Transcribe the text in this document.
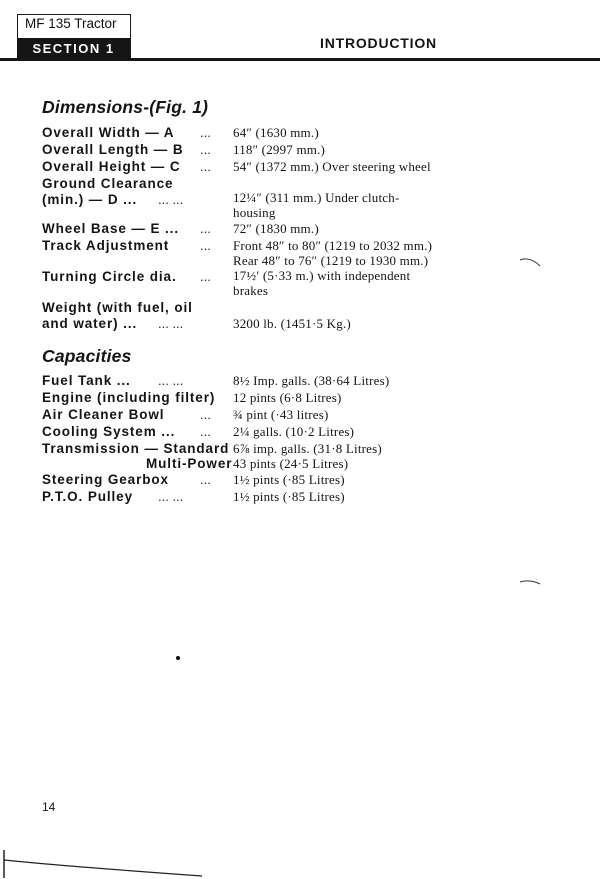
MF 135 Tractor
SECTION 1	INTRODUCTION
Dimensions-(Fig. 1)
Overall Width — A ... 64″ (1630 mm.)
Overall Length — B ... 118″ (2997 mm.)
Overall Height — C ... 54″ (1372 mm.) Over steering wheel
Ground Clearance
(min.) — D ... ... ...	12¼″ (311 mm.) Under clutch-
housing
Wheel Base — E ... ... 72″ (1830 mm.)
Track Adjustment ... Front 48″ to 80″ (1219 to 2032 mm.)
Rear 48″ to 76″ (1219 to 1930 mm.)
Turning Circle dia. ... 17½′ (5·33 m.) with independent
brakes
Weight (with fuel, oil
and water) ... ... ...	3200 lb. (1451·5 Kg.)
Capacities
Fuel Tank ... ... ...	8½ Imp. galls. (38·64 Litres)
Engine (including filter) 12 pints (6·8 Litres)
Air Cleaner Bowl	... ¾ pint (·43 litres)
Cooling System ... ... 2¼ galls. (10·2 Litres)
Transmission — Standard 6⅞ imp. galls. (31·8 Litres)
Multi-Power 43 pints (24·5 Litres)
Steering Gearbox ... 1½ pints (·85 Litres)
P.T.O. Pulley ... ...	1½ pints (·85 Litres)
14
